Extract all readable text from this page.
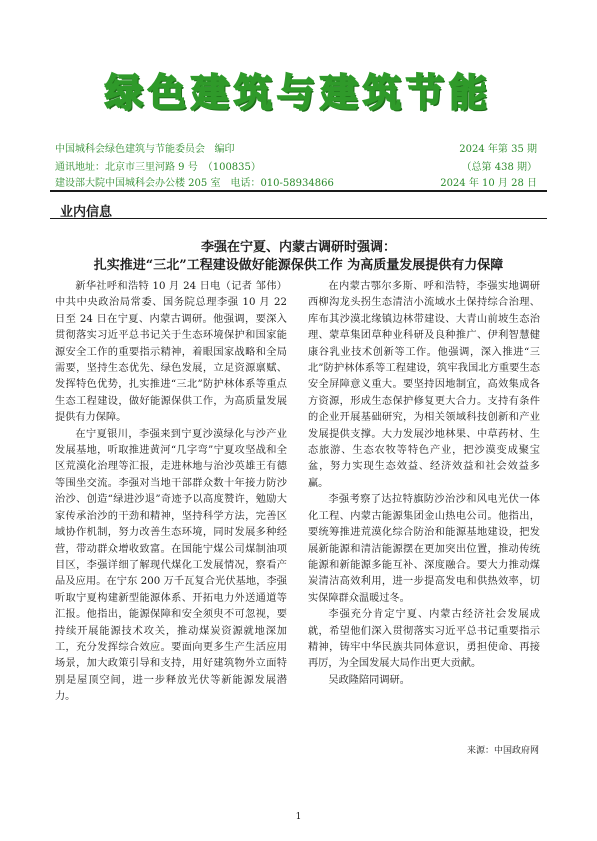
绿色建筑与建筑节能
中国城科会绿色建筑与节能委员会 编印
通讯地址：北京市三里河路 9 号　（100835）
建设部大院中国城科会办公楼 205 室　电话：010-58934866
2024 年第 35 期
（总第 438 期）
2024 年 10 月 28 日
业内信息
李强在宁夏、内蒙古调研时强调：
扎实推进“三北”工程建设做好能源保供工作 为高质量发展提供有力保障

新华社呼和浩特 10 月 24 日电（记者 邹伟）中共中央政治局常委、国务院总理李强 10 月 22 日至 24 日在宁夏、内蒙古调研。他强调，要深入贯彻落实习近平总书记关于生态环境保护和国家能源安全工作的重要指示精神，着眼国家战略和全局需要，坚持生态优先、绿色发展，立足资源禀赋、发挥特色优势，扎实推进“三北”防护林体系等重点生态工程建设，做好能源保供工作，为高质量发展提供有力保障。

在宁夏银川，李强来到宁夏沙漠绿化与沙产业发展基地，听取推进黄河“几字弯”宁夏攻坚战和全区荒漠化治理等汇报，走进林地与治沙英雄王有德等围坐交流。李强对当地干部群众数十年接力防沙治沙、创造“绿进沙退”奇迹予以高度赞许，勉励大家传承治沙的干劲和精神，坚持科学方法，完善区域协作机制，努力改善生态环境，同时发展多种经营，带动群众增收致富。在国能宁煤公司煤制油项目区，李强详细了解现代煤化工发展情况，察看产品及应用。在宁东 200 万千瓦复合光伏基地，李强听取宁夏构建新型能源体系、开拓电力外送通道等汇报。他指出，能源保障和安全须臾不可忽视，要持续开展能源技术攻关，推动煤炭资源就地深加工，充分发挥综合效应。要面向更多生产生活应用场景，加大政策引导和支持，用好建筑物外立面特别是屋顶空间，进一步释放光伏等新能源发展潜力。

在内蒙古鄂尔多斯、呼和浩特，李强实地调研西柳沟龙头拐生态清洁小流域水土保持综合治理、库布其沙漠北缘镇边林带建设、大青山前坡生态治理、蒙草集团草种业科研及良种推广、伊利智慧健康谷乳业技术创新等工作。他强调，深入推进“三北”防护林体系等工程建设，筑牢我国北方重要生态安全屏障意义重大。要坚持因地制宜，高效集成各方资源，形成生态保护修复更大合力。支持有条件的企业开展基础研究，为相关领域科技创新和产业发展提供支撑。大力发展沙地林果、中草药材、生态旅游、生态农牧等特色产业，把沙漠变成聚宝盆，努力实现生态效益、经济效益和社会效益多赢。

李强考察了达拉特旗防沙治沙和风电光伏一体化工程、内蒙古能源集团金山热电公司。他指出，要统筹推进荒漠化综合防治和能源基地建设，把发展新能源和清洁能源摆在更加突出位置，推动传统能源和新能源多能互补、深度融合。要大力推动煤炭清洁高效利用，进一步提高发电和供热效率，切实保障群众温暖过冬。

李强充分肯定宁夏、内蒙古经济社会发展成就，希望他们深入贯彻落实习近平总书记重要指示精神，铸牢中华民族共同体意识，勇担使命、再接再厉，为全国发展大局作出更大贡献。

吴政隆陪同调研。

来源：中国政府网
1
